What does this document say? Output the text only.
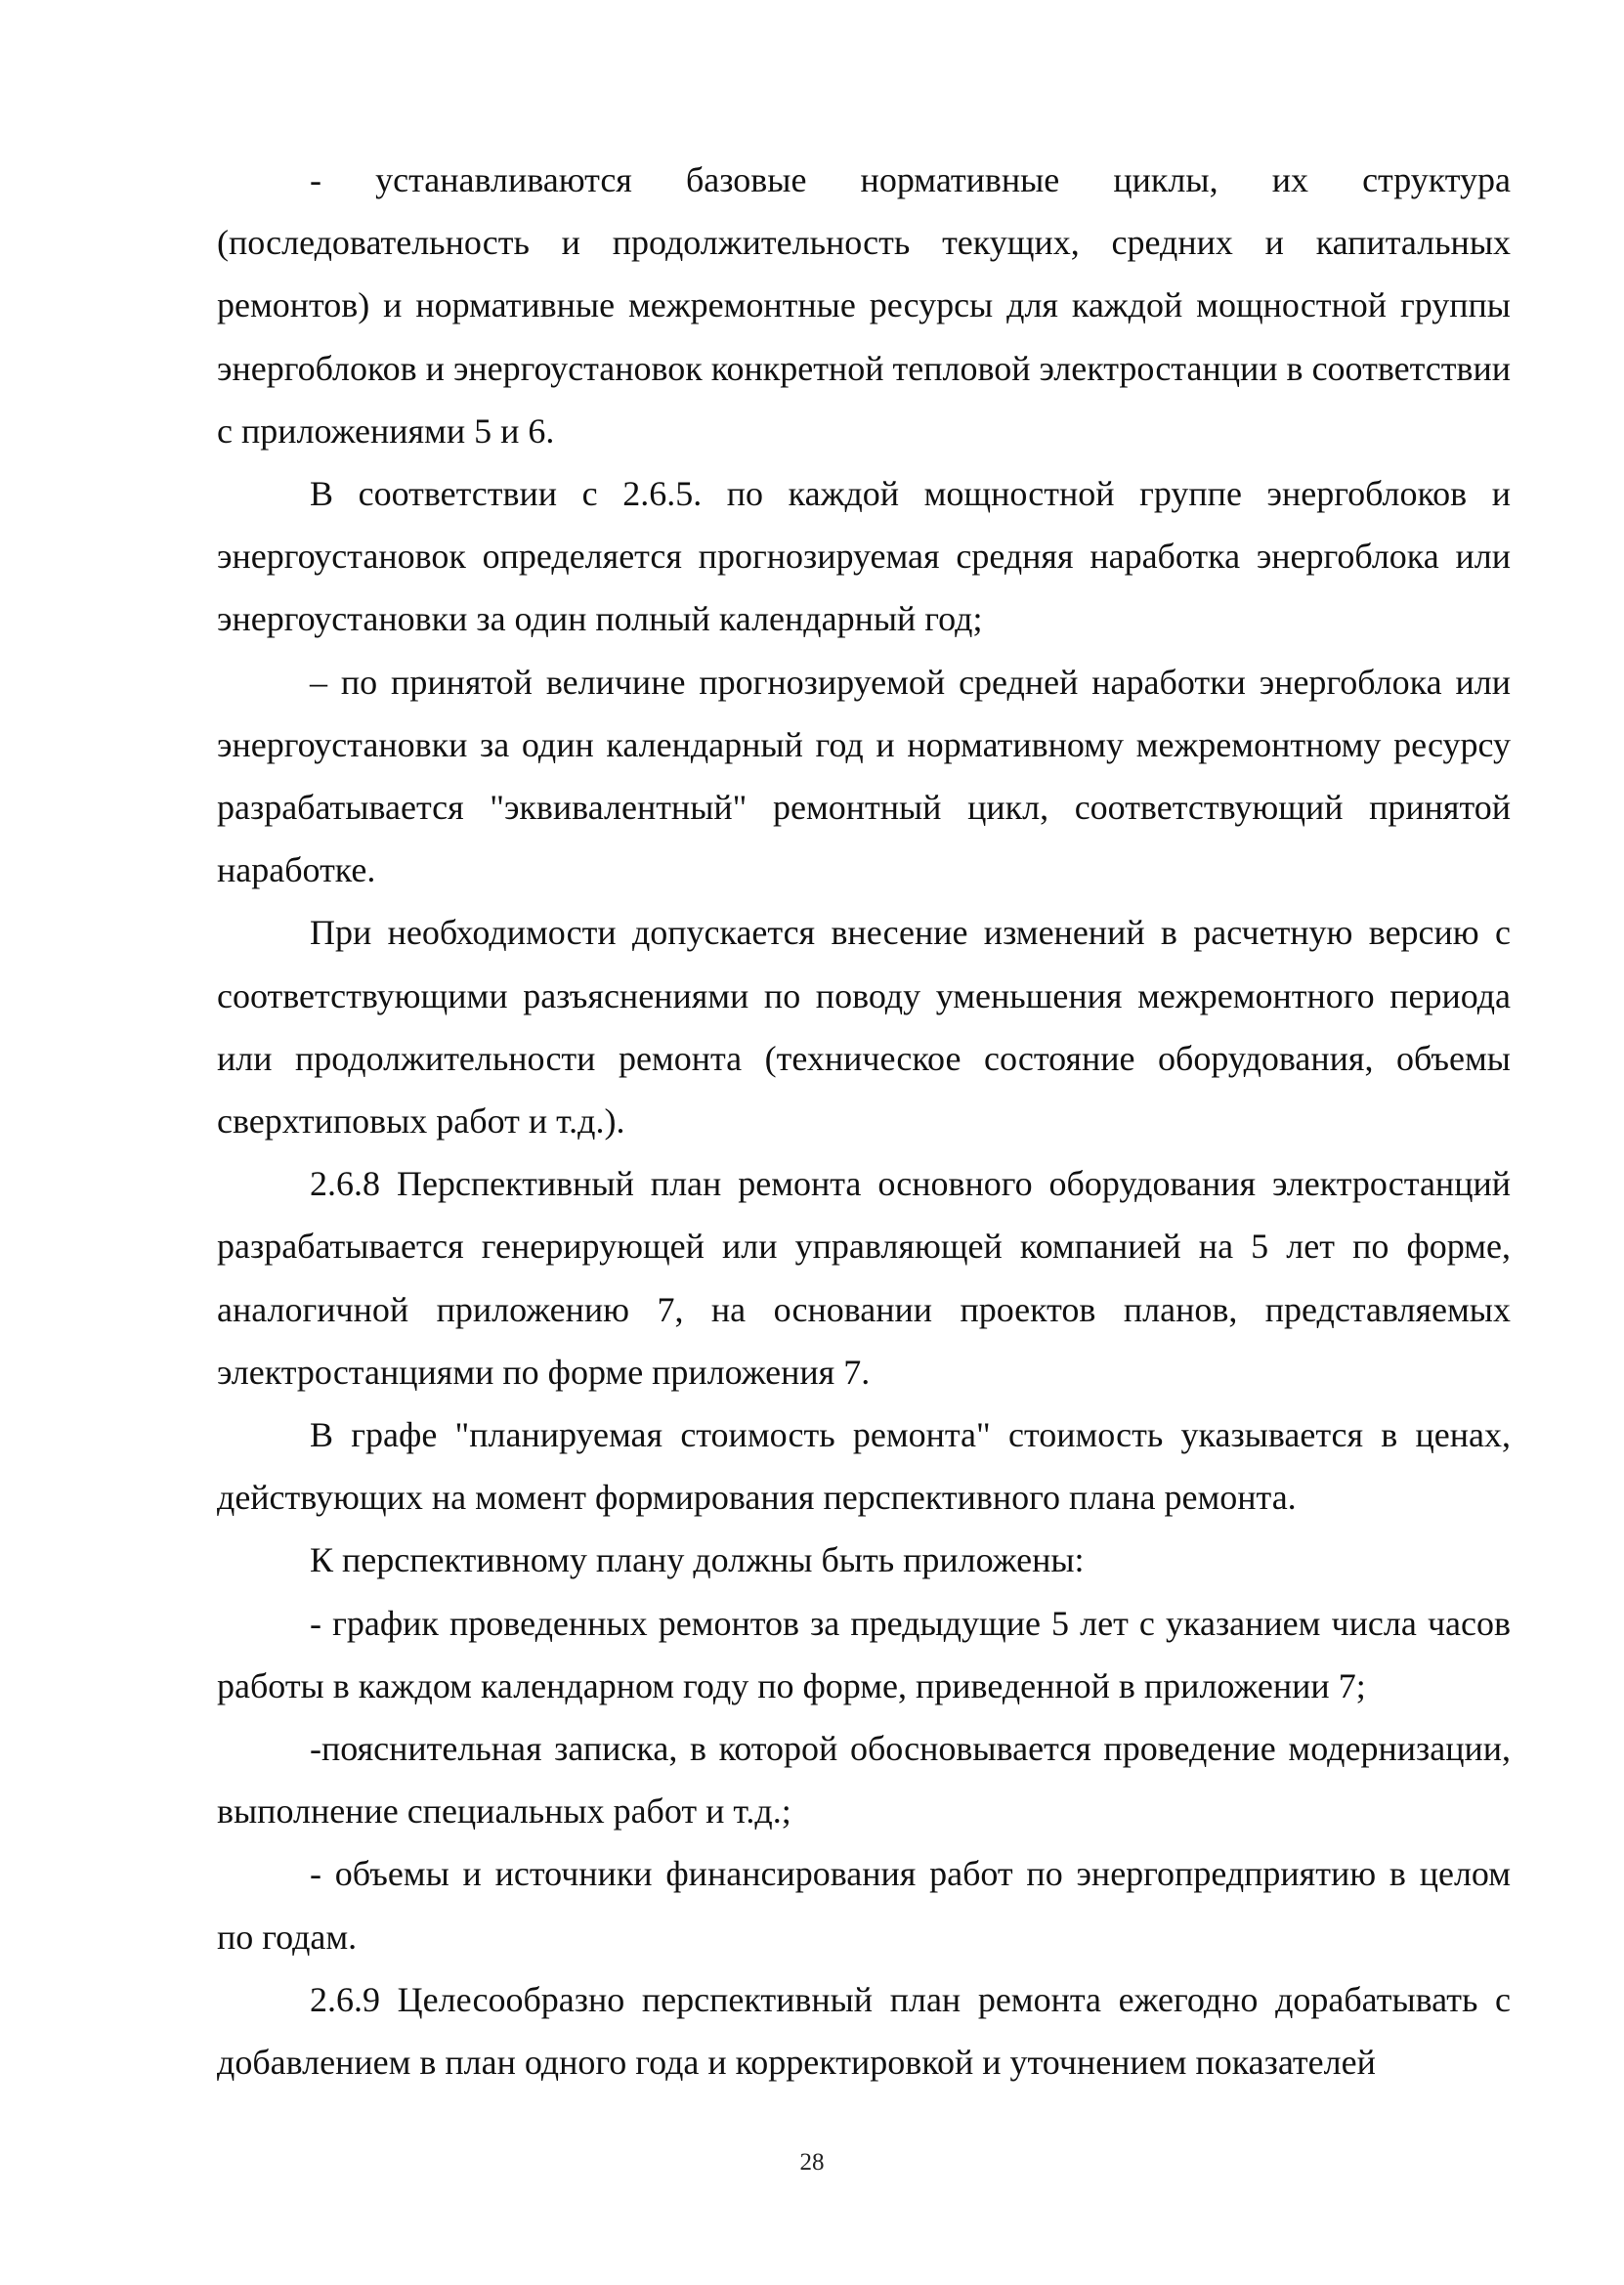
- устанавливаются базовые нормативные циклы, их структура (последовательность и продолжительность текущих, средних и капитальных ремонтов) и нормативные межремонтные ресурсы для каждой мощностной группы энергоблоков и энергоустановок конкретной тепловой электростанции в соответствии с приложениями 5 и 6.

В соответствии с 2.6.5. по каждой мощностной группе энергоблоков и энергоустановок определяется прогнозируемая средняя наработка энергоблока или энергоустановки за один полный календарный год;

– по принятой величине прогнозируемой средней наработки энергоблока или энергоустановки за один календарный год и нормативному межремонтному ресурсу разрабатывается "эквивалентный" ремонтный цикл, соответствующий принятой наработке.

При необходимости допускается внесение изменений в расчетную версию с соответствующими разъяснениями по поводу уменьшения межремонтного периода или продолжительности ремонта (техническое состояние оборудования, объемы сверхтиповых работ и т.д.).

2.6.8 Перспективный план ремонта основного оборудования электростанций разрабатывается генерирующей или управляющей компанией на 5 лет по форме, аналогичной приложению 7, на основании проектов планов, представляемых электростанциями по форме приложения 7.

В графе "планируемая стоимость ремонта" стоимость указывается в ценах, действующих на момент формирования перспективного плана ремонта.

К перспективному плану должны быть приложены:

- график проведенных ремонтов за предыдущие 5 лет с указанием числа часов работы в каждом календарном году по форме, приведенной в приложении 7;

-пояснительная записка, в которой обосновывается проведение модернизации, выполнение специальных работ и т.д.;

- объемы и источники финансирования работ по энергопредприятию в целом по годам.

2.6.9 Целесообразно перспективный план ремонта ежегодно дорабатывать с добавлением в план одного года и корректировкой и уточнением показателей

28
